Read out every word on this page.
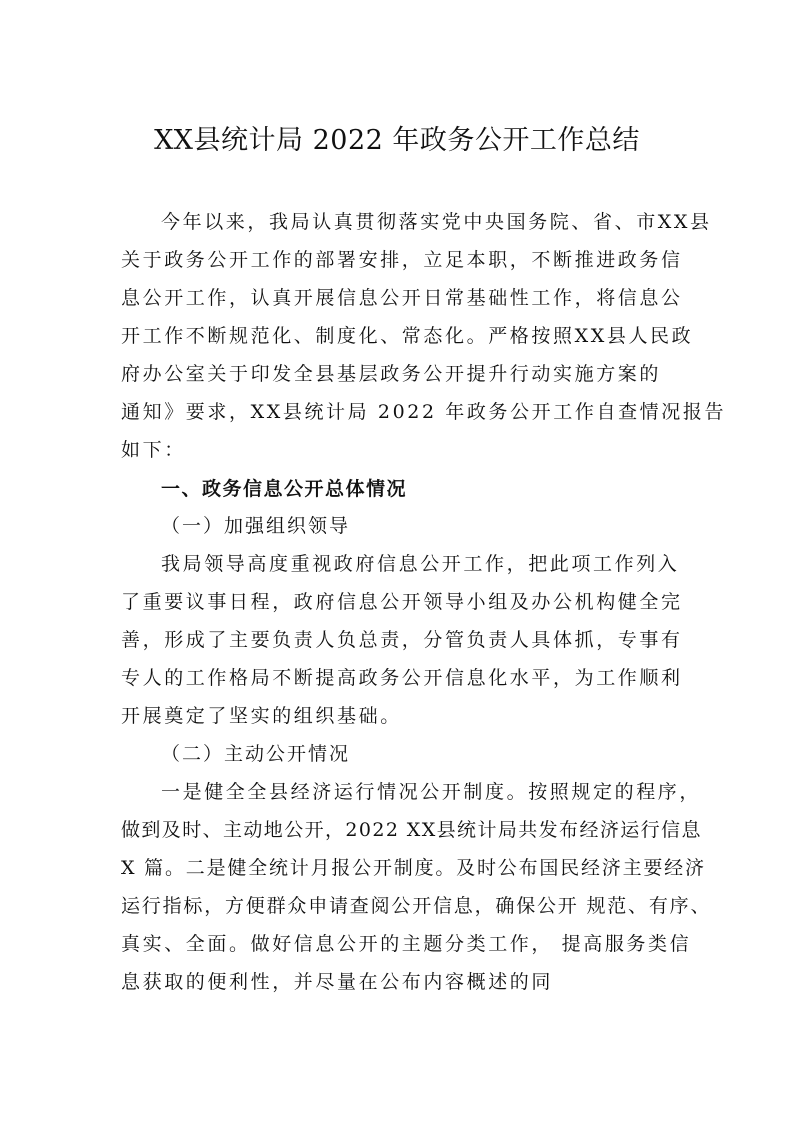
XX县统计局 2022 年政务公开工作总结
今年以来，我局认真贯彻落实党中央国务院、省、市XX县
关于政务公开工作的部署安排，立足本职，不断推进政务信
息公开工作，认真开展信息公开日常基础性工作，将信息公
开工作不断规范化、制度化、常态化。严格按照XX县人民政
府办公室关于印发全县基层政务公开提升行动实施方案的
通知》要求，XX县统计局 2022 年政务公开工作自查情况报告
如下：
一、政务信息公开总体情况
（一）加强组织领导
我局领导高度重视政府信息公开工作，把此项工作列入
了重要议事日程，政府信息公开领导小组及办公机构健全完
善，形成了主要负责人负总责，分管负责人具体抓，专事有
专人的工作格局不断提高政务公开信息化水平，为工作顺利
开展奠定了坚实的组织基础。
（二）主动公开情况
一是健全全县经济运行情况公开制度。按照规定的程序，
做到及时、主动地公开，2022 XX县统计局共发布经济运行信息
X 篇。二是健全统计月报公开制度。及时公布国民经济主要经济
运行指标，方便群众申请查阅公开信息，确保公开 规范、有序、
真实、全面。做好信息公开的主题分类工作， 提高服务类信
息获取的便利性，并尽量在公布内容概述的同
